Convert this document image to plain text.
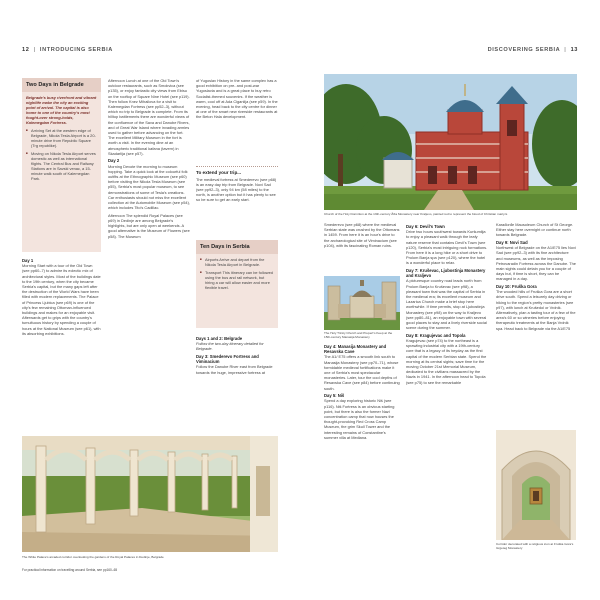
12 | INTRODUCING SERBIA
Two Days in Belgrade
Belgrade's busy riverfront and vibrant nightlife make the city an exciting point of arrival. The capital is also home to one of the country's most fought-over strong-holds, Kalemegdan Fortress.
■ Arriving Set at the western edge of Belgrade, Nikola Tesla Airport is a 20-minute drive from Republic Square (Trg republike).
■ Moving on Nikola Tesla Airport serves domestic as well as international flights. The Central Bus and Railway Stations are in Savski venac, a 15-minute walk south of Kalemegdan Park.
Day 1

Morning Start with a tour of the Old Town (see pp60–7) to admire its eclectic mix of architectural styles. Most of the buildings date to the 19th century, when the city became Serbia's capital, but the many gaps left after the destruction of the World Wars have been filled with modern replacements. The Palace of Princess Ljubica (see p69) is one of the city's few remaining Ottoman-influenced buildings and makes for an enjoyable visit. Afterwards get to grips with the country's tumultuous history by spending a couple of hours at the National Museum (see p61), with its absorbing exhibitions.

Afternoon Lunch at one of the Old Town's outdoor restaurants, such as Smokvica (see p135), or enjoy fantastic city views from Ebisu on the rooftop of Square Nine Hotel (see p119). Then follow Knez Mihailova for a visit to Kalemegdan Fortress (see pp52–3), without which no trip to Belgrade is complete. From its hilltop battlements there are wonderful views of the confluence of the Sava and Danube Rivers, and of Great War Island where invading armies used to gather before advancing on the fort. The excellent Military Museum in the fort is worth a visit. In the evening dine at an atmospheric traditional kafana (tavern) in Skadarlija (see p57).

Day 2

Morning Devote the morning to museum hopping. Take a quick look at the colourful folk outfits at the Ethnographic Museum (see p60) before visiting the Nikola Tesla Museum (see p55), Serbia's most popular museum, to see demonstrations of some of Tesla's creations. Car enthusiasts should not miss the excellent collection at the Automobile Museum (see p54), which includes Tito's Cadillac.

Afternoon The splendid Royal Palaces (see p69) in Dedinje are among Belgrade's highlights, but are only open at weekends. A good alternative is the Museum of Flowers (see p58). The Museum

of Yugoslav History in the same complex has a good exhibition on pre- and post-war Yugoslavia and is a great place to buy retro Socialist-themed souvenirs. If the weather is warm, cool off at Ada Ciganlija (see p59). In the evening, head back to the city centre for dinner at one of the smart new riverside restaurants at the Beton Hala development.

To extend your trip...
The medieval fortress at Smederevo (see p68) is an easy day trip from Belgrade. Novi Sad (see pp92–3), only 94 km (58 miles) to the north, is another option but it has plenty to see so be sure to get an early start.
Ten Days in Serbia
■ Airports Arrive and depart from the Nikola Tesla Airport in Belgrade.
■ Transport This itinerary can be followed using the bus and rail network, but hiring a car will allow easier and more flexible travel.
Days 1 and 2: Belgrade

Follow the two-day itinerary detailed for Belgrade.

Day 3: Smederevo Fortress and Viminacium

Follow the Danube River east from Belgrade towards the huge, impressive fortress at

The White Palace's arcaded corridor overlooking the gardens of the Royal Palaces in Dedinje, Belgrade
For practical information on travelling around Serbia, see pp160–65
DISCOVERING SERBIA | 13
Church of the Holy Dormition at the 13th-century Žiča Monastery near Kraljevo, painted red to represent the blood of Christian martyrs

Smederevo (see p68) where the medieval Serbian state was crushed by the Ottomans in 1459. From here it is an hour's drive to the archaeological site of Viminacium (see p104), with its fascinating Roman ruins.

The Holy Trinity Church and Prepert's Keep at the 15th-century Manasija Monastery
Day 4: Manasija Monastery and Resavska Cave

The A1/ E75 offers a smooth link south to Manasija Monastery (see pp70–71), whose formidable medieval fortifications make it one of Serbia's most spectacular monasteries. Later, tour the cool depths of Resavska Cave (see p84) before continuing south.

Day 5: Niš

Spend a day exploring historic Niš (see p116). Niš Fortress is an obvious starting point, but there is also the former Nazi concentration camp that now houses the thought-provoking Red Cross Camp Museum, the grim Skull Tower and the interesting remains of Constantine's summer villa at Mediana.

Day 6: Devil's Town

Drive two hours southwest towards Kuršumlija to enjoy a pleasant walk through the leafy nature reserve that contains Devil's Town (see p120), Serbia's most intriguing rock formations. From here it is a long hike or a short drive to Prolom Banja spa (see p120), where the hotel is a wonderful place to relax.

Day 7: Kruševac, Ljubostinja Monastery and Kraljevo

A picturesque country road leads north from Prolom Banja to Kruševac (see p98), a pleasant town that was the capital of Serbia in the medieval era; its excellent museum and Lazarica Church make a brief stop here worthwhile. If time permits, stop at Ljubostinja Monastery (see p98) on the way to Kraljevo (see pp80–81), an enjoyable town with several good places to stay and a lively riverside social scene during the summer.

Day 8: Kragujevac and Topola

Kragujevac (see p74) to the northeast is a sprawling industrial city with a 19th-century core that is a legacy of its heyday as the first capital of the modern Serbian state. Spend the morning at its central sights; save time for the moving October 21st Memorial Museum, dedicated to the civilians massacred by the Nazis in 1941. In the afternoon head to Topola (see p75) to see the remarkable

Karađorđe Mausoleum Church of St George. Either stay here overnight or continue north towards Belgrade.

Day 9: Novi Sad

Northwest of Belgrade on the A1/E75 lies Novi Sad (see pp92–3) with its fine architecture and museums, as well as the imposing Petrovaradin Fortress across the Danube. The main sights could detain you for a couple of days but, if time is short, they can be managed in a day.

Day 10: Fruška Gora

The wooded hills of Fruška Gora are a short drive south. Spend a leisurely day driving or hiking to the region's pretty monasteries (see p97), with lunch at Krušedol or Vrdnik. Alternatively, plan a tasting tour of a few of the area's 60 or so wineries before enjoying therapeutic treatments at the Banja Vrdnik spa. Head back to Belgrade via the A1/E75

Corridor decorated with a religious icon at Fruška Gora's Grgeteg Monastery
